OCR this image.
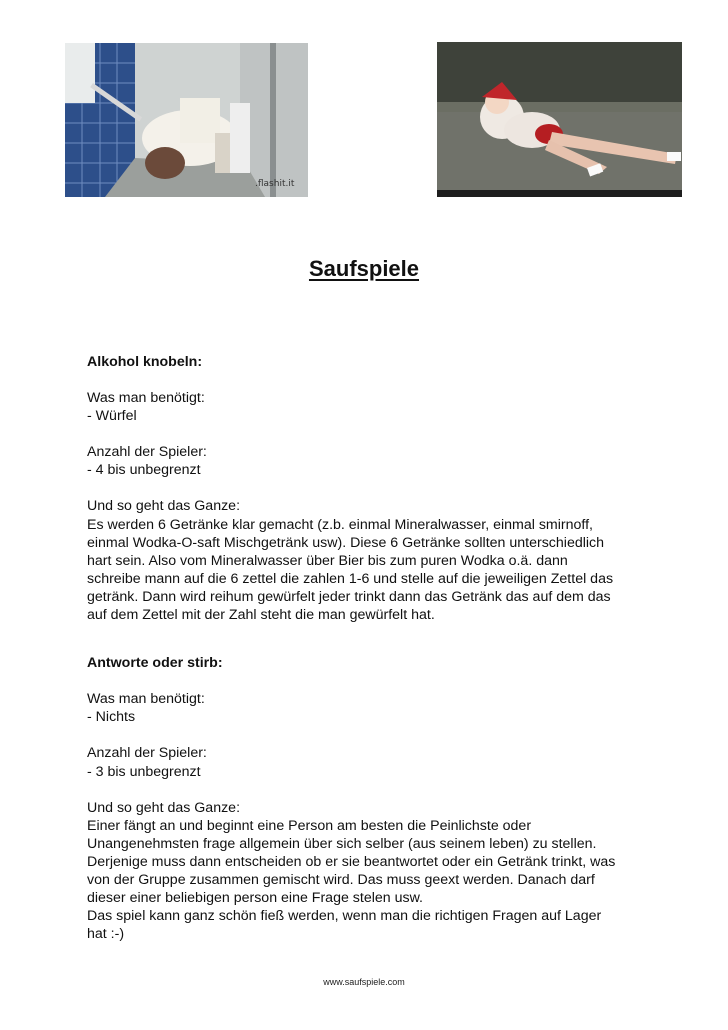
.flashit.it
Saufspiele

Alkohol knobeln:

Was man benötigt:

- Würfel

Anzahl der Spieler:

- 4 bis unbegrenzt

Und so geht das Ganze:

Es werden 6 Getränke klar gemacht (z.b. einmal Mineralwasser, einmal smirnoff,

einmal Wodka-O-saft Mischgetränk usw). Diese 6 Getränke sollten unterschiedlich

hart sein. Also vom Mineralwasser über Bier bis zum puren Wodka o.ä. dann

schreibe mann auf die 6 zettel die zahlen 1-6 und stelle auf die jeweiligen Zettel das

getränk. Dann wird reihum gewürfelt jeder trinkt dann das Getränk das auf dem das

auf dem Zettel mit der Zahl steht die man gewürfelt hat.

Antworte oder stirb:

Was man benötigt:

- Nichts

Anzahl der Spieler:

- 3 bis unbegrenzt

Und so geht das Ganze:

Einer fängt an und beginnt eine Person am besten die Peinlichste oder

Unangenehmsten frage allgemein über sich selber (aus seinem leben) zu stellen.

Derjenige muss dann entscheiden ob er sie beantwortet oder ein Getränk trinkt, was

von der Gruppe zusammen gemischt wird. Das muss geext werden. Danach darf

dieser einer beliebigen person eine Frage stelen usw.

Das spiel kann ganz schön fieß werden, wenn man die richtigen Fragen auf Lager

hat :-)

www.saufspiele.com
